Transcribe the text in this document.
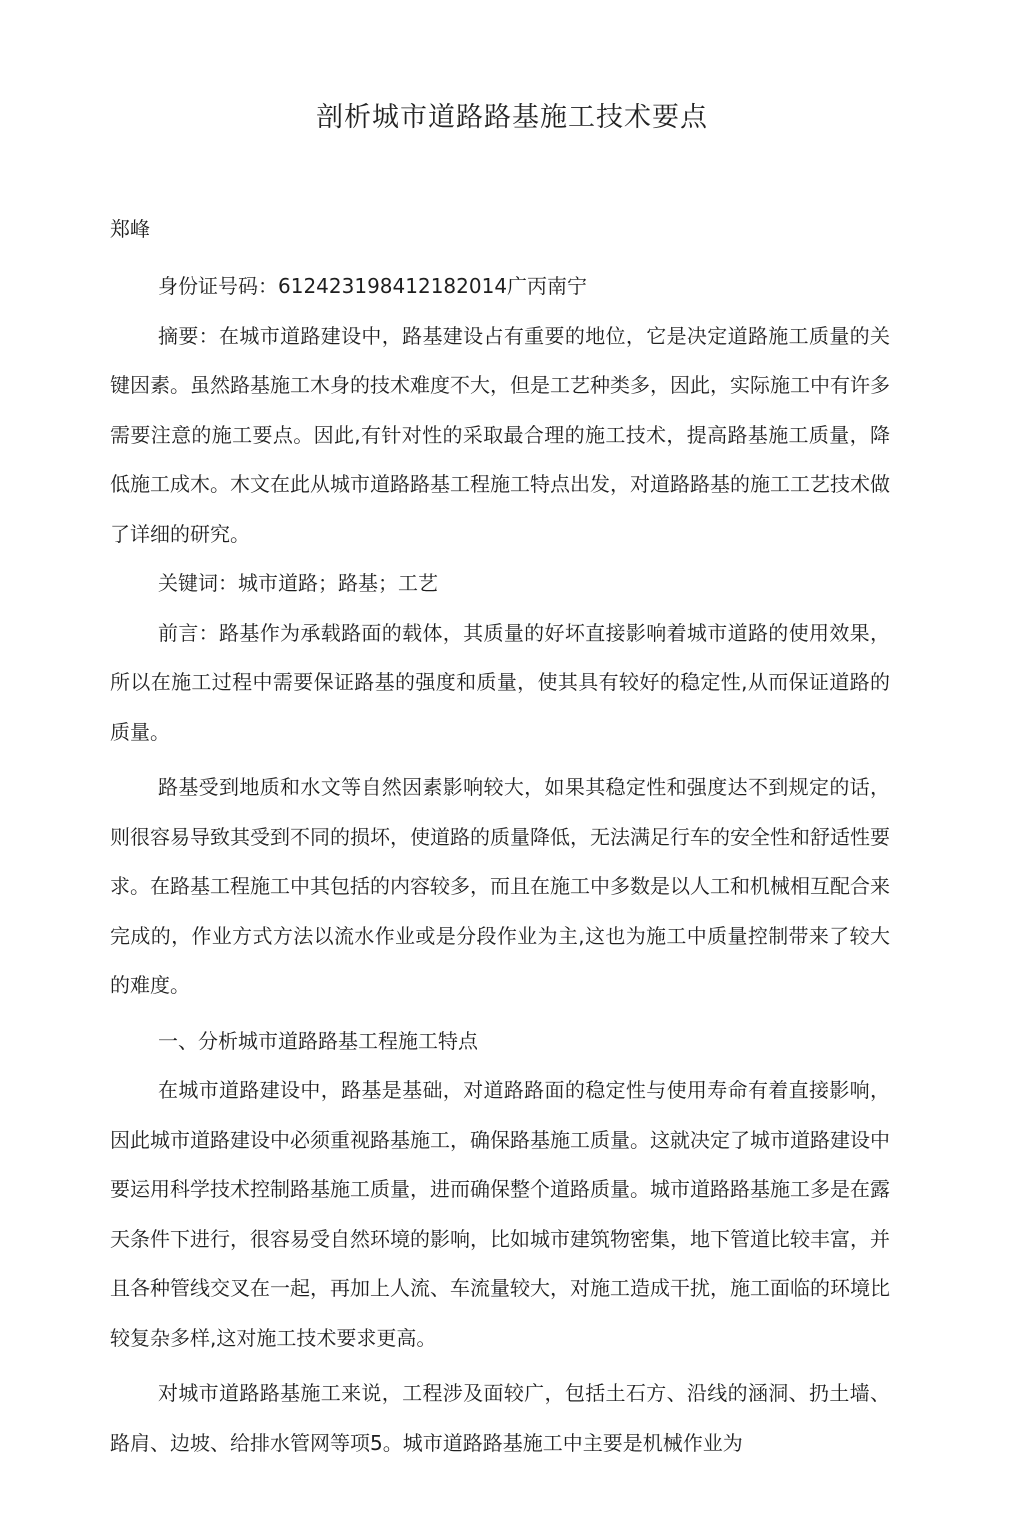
剖析城市道路路基施工技术要点
郑峰

身份证号码：612423198412182014广丙南宁

摘要：在城市道路建设中，路基建设占有重要的地位，它是决定道路施工质量的关键因素。虽然路基施工木身的技术难度不大，但是工艺种类多，因此，实际施工中有许多需要注意的施工要点。因此,有针对性的采取最合理的施工技术，提高路基施工质量，降低施工成木。木文在此从城市道路路基工程施工特点出发，对道路路基的施工工艺技术做了详细的研究。

关键词：城市道路；路基；工艺

前言：路基作为承载路面的载体，其质量的好坏直接影响着城市道路的使用效果，所以在施工过程中需要保证路基的强度和质量，使其具有较好的稳定性,从而保证道路的质量。

路基受到地质和水文等自然因素影响较大，如果其稳定性和强度达不到规定的话，则很容易导致其受到不同的损坏，使道路的质量降低，无法满足行车的安全性和舒适性要求。在路基工程施工中其包括的内容较多，而且在施工中多数是以人工和机械相互配合来完成的，作业方式方法以流水作业或是分段作业为主,这也为施工中质量控制带来了较大的难度。

一、分析城市道路路基工程施工特点

在城市道路建设中，路基是基础，对道路路面的稳定性与使用寿命有着直接影响，因此城市道路建设中必须重视路基施工，确保路基施工质量。这就决定了城市道路建设中要运用科学技术控制路基施工质量，进而确保整个道路质量。城市道路路基施工多是在露天条件下进行，很容易受自然环境的影响，比如城市建筑物密集，地下管道比较丰富，并且各种管线交叉在一起，再加上人流、车流量较大，对施工造成干扰，施工面临的环境比较复杂多样,这对施工技术要求更高。

对城市道路路基施工来说，工程涉及面较广，包括土石方、沿线的涵洞、扔土墙、路肩、边坡、给排水管网等项5。城市道路路基施工中主要是机械作业为
